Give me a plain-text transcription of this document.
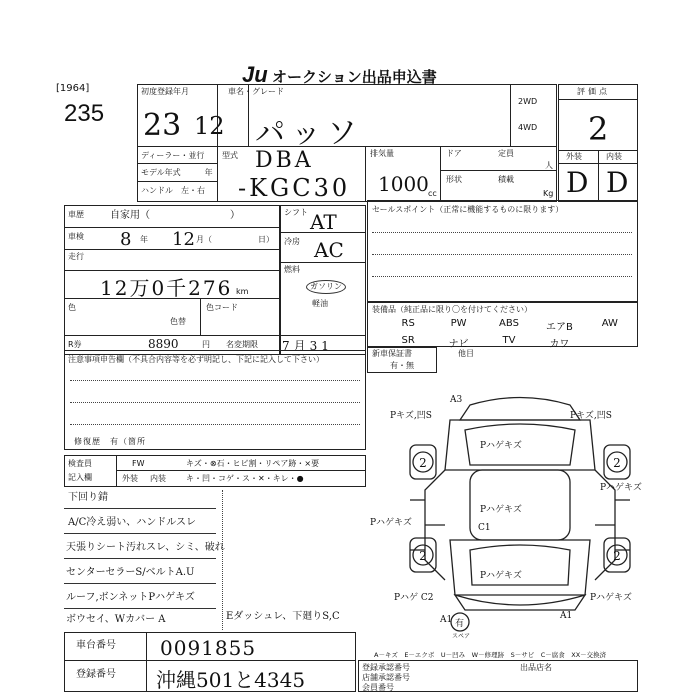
Ju オークション出品申込書
[1964]
235
初度登録年月
23 12
車名・グレード
パッソ
2WD
4WD
ディーラー・並行
モデル年式　　　年
ハンドル　左・右
型式 DBA
-KGC30
排気量
1000 cc
ドア	定員
人
形状	積載
Kg
評価点
2
外装	内装
D D
車歴	自家用（　　　　　　　　）
車検 8 年 12 月（	日）
走行
12万0千276 km
色
色替
色コード
R券	8890	円
シフト AT
冷房 AC
燃料
ガソリン
軽油
名変期限 7月31
セールスポイント（正常に機能するものに限ります）
装備品（純正品に限り〇を付けてください）
RS	PW	ABS	エアB	AW
SR	ナビ	TV	カワ
新車保証書
有・無
他目
注意事項申告欄（不具合内容等を必ず明記し、下記に記入して下さい）
修復歴　有（箇所
検査員
記入欄
FW	キズ・⊗石・ヒビ割・リペア跡・×要
外装 内装	キ・凹・コゲ・ス・✕・キレ・●
下回り錆
A/C冷え弱い、ハンドルスレ
天張りシート汚れスレ、シミ、破れ
センターセラーS/ベルトA.U
ルーフ,ボンネットPハゲキズ
ボウセイ、Wカバー A	Eダッシュレ、下廻りS,C
車台番号 0091855
登録番号 沖縄501と4345
2	2
2	2
Pキズ,凹S
A3
Pキズ,凹S
Pハゲキズ
Pハゲキズ
Pハゲキズ
Pハゲキズ	C1
Pハゲキズ
Pハゲ C2	Pハゲキズ
A1	A1
有
スペア
A－キズ　E－エクボ　U－凹み　W－修理跡　S－サビ　C－腐食　XX－交換済
登録承認番号
店舗承認番号
会員番号
出品店名
